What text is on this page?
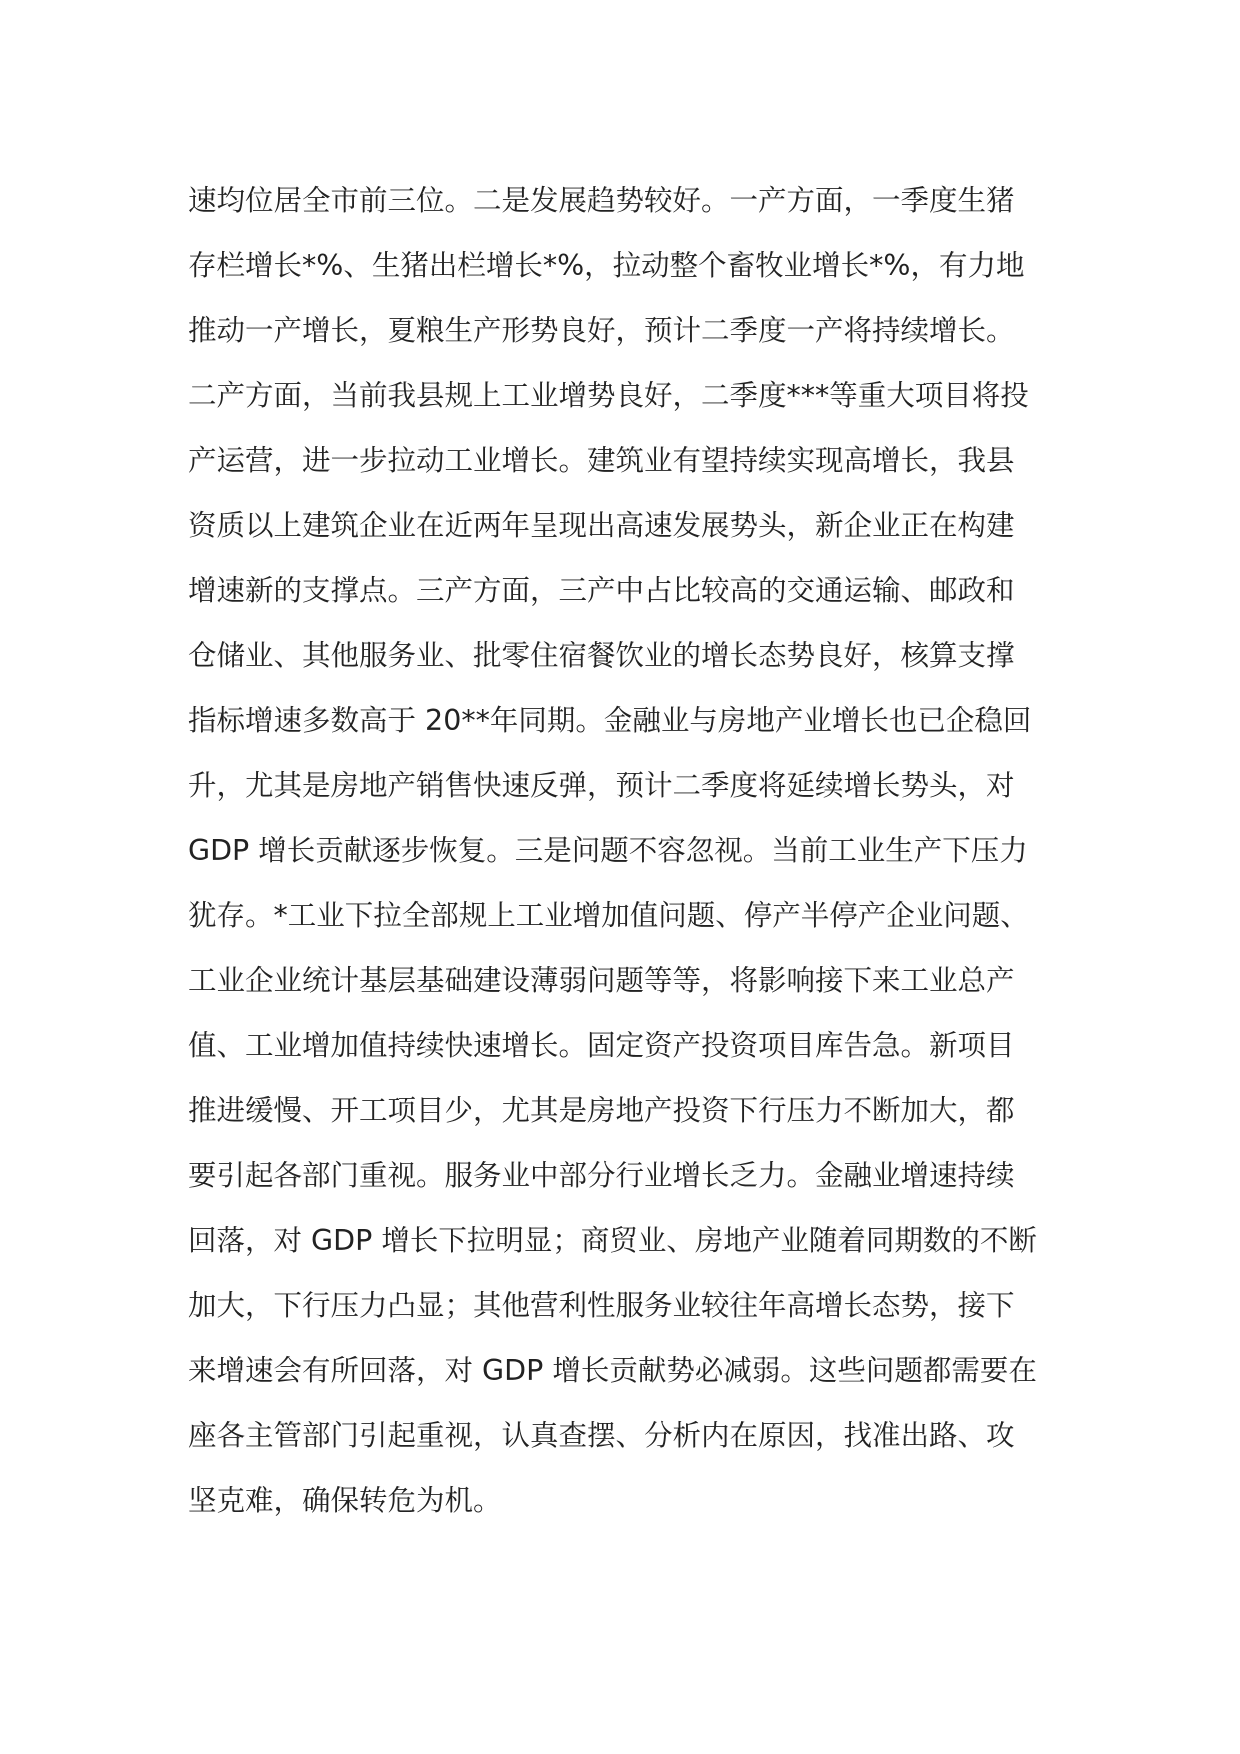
速均位居全市前三位。二是发展趋势较好。一产方面，一季度生猪
存栏增长*%、生猪出栏增长*%，拉动整个畜牧业增长*%，有力地
推动一产增长，夏粮生产形势良好，预计二季度一产将持续增长。
二产方面，当前我县规上工业增势良好，二季度***等重大项目将投
产运营，进一步拉动工业增长。建筑业有望持续实现高增长，我县
资质以上建筑企业在近两年呈现出高速发展势头，新企业正在构建
增速新的支撑点。三产方面，三产中占比较高的交通运输、邮政和
仓储业、其他服务业、批零住宿餐饮业的增长态势良好，核算支撑
指标增速多数高于 20**年同期。金融业与房地产业增长也已企稳回
升，尤其是房地产销售快速反弹，预计二季度将延续增长势头，对
GDP 增长贡献逐步恢复。三是问题不容忽视。当前工业生产下压力
犹存。*工业下拉全部规上工业增加值问题、停产半停产企业问题、
工业企业统计基层基础建设薄弱问题等等，将影响接下来工业总产
值、工业增加值持续快速增长。固定资产投资项目库告急。新项目
推进缓慢、开工项目少，尤其是房地产投资下行压力不断加大，都
要引起各部门重视。服务业中部分行业增长乏力。金融业增速持续
回落，对 GDP 增长下拉明显；商贸业、房地产业随着同期数的不断
加大，下行压力凸显；其他营利性服务业较往年高增长态势，接下
来增速会有所回落，对 GDP 增长贡献势必减弱。这些问题都需要在
座各主管部门引起重视，认真查摆、分析内在原因，找准出路、攻
坚克难，确保转危为机。
